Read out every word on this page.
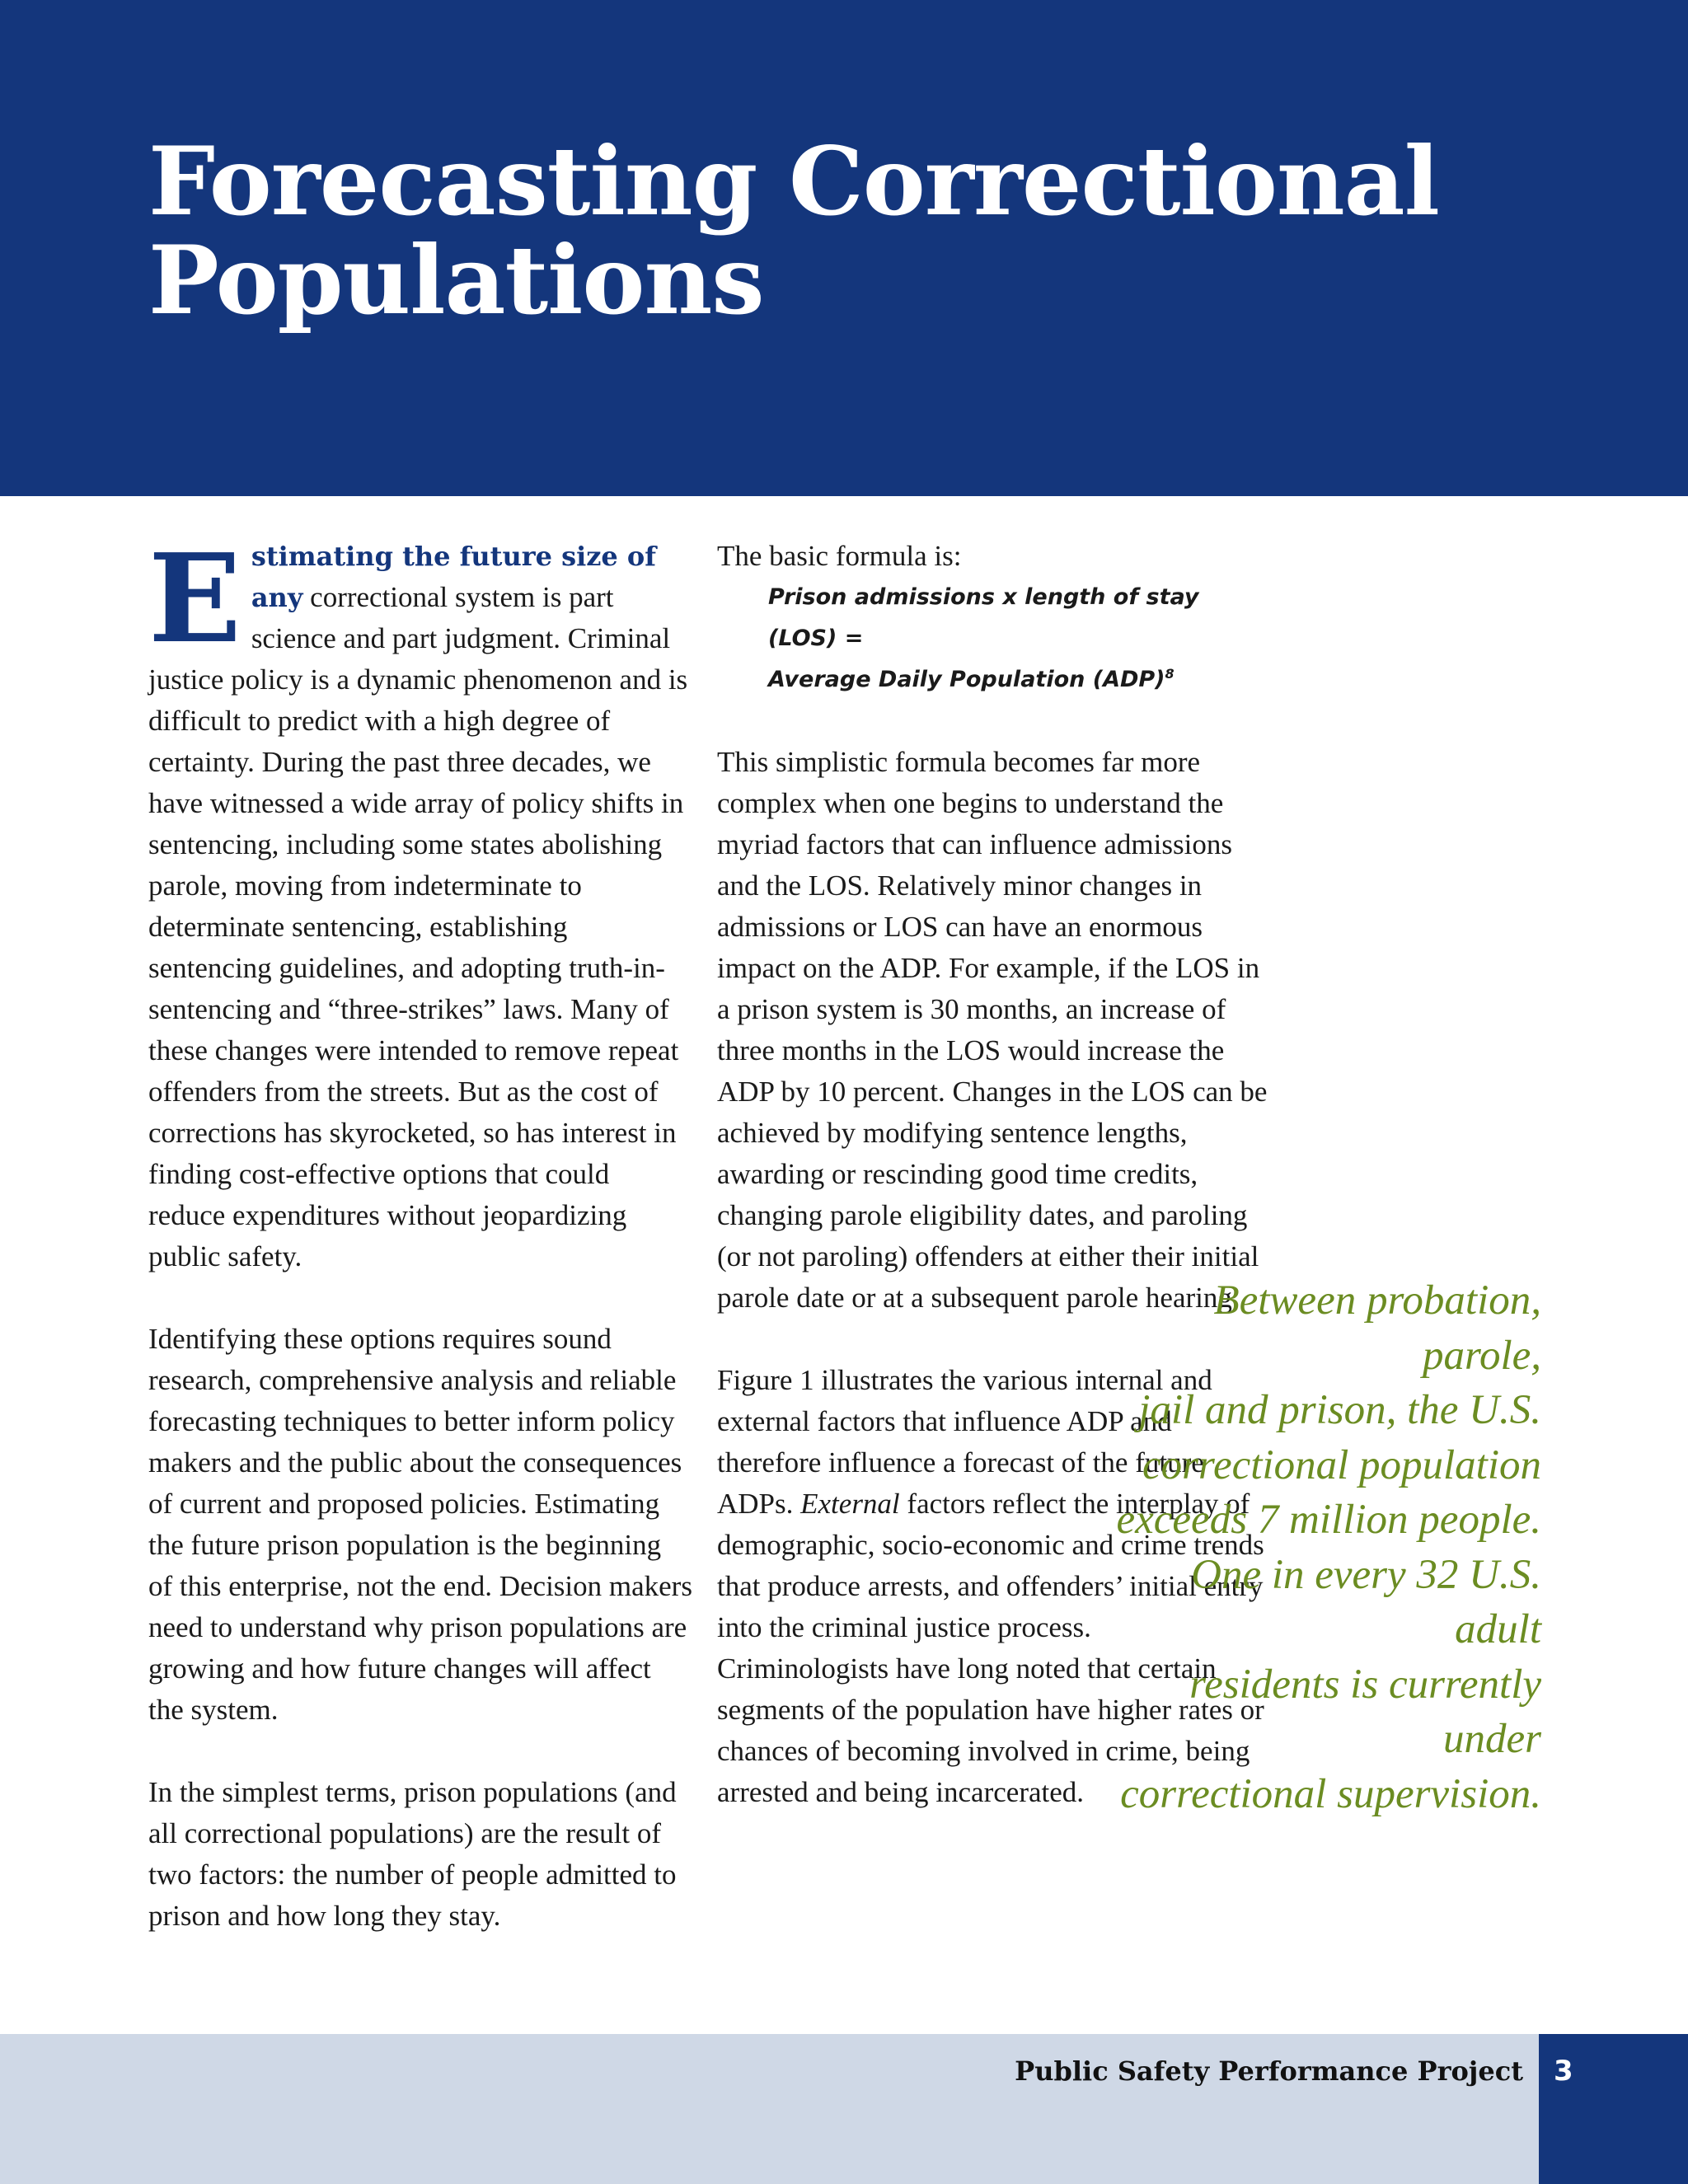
Forecasting Correctional
Populations

Estimating the future size of any correctional system is part science and part judgment. Criminal justice policy is a dynamic phenomenon and is difficult to predict with a high degree of certainty. During the past three decades, we have witnessed a wide array of policy shifts in sentencing, including some states abolishing parole, moving from indeterminate to determinate sentencing, establishing sentencing guidelines, and adopting truth-in-sentencing and “three-strikes” laws. Many of these changes were intended to remove repeat offenders from the streets. But as the cost of corrections has skyrocketed, so has interest in finding cost-effective options that could reduce expenditures without jeopardizing public safety.

Identifying these options requires sound research, comprehensive analysis and reliable forecasting techniques to better inform policy makers and the public about the consequences of current and proposed policies. Estimating the future prison population is the beginning of this enterprise, not the end. Decision makers need to understand why prison populations are growing and how future changes will affect the system.

In the simplest terms, prison populations (and all correctional populations) are the result of two factors: the number of people admitted to prison and how long they stay.

The basic formula is:

Prison admissions x length of stay (LOS) =
Average Daily Population (ADP)$^8$

This simplistic formula becomes far more complex when one begins to understand the myriad factors that can influence admissions and the LOS. Relatively minor changes in admissions or LOS can have an enormous impact on the ADP. For example, if the LOS in a prison system is 30 months, an increase of three months in the LOS would increase the ADP by 10 percent. Changes in the LOS can be achieved by modifying sentence lengths, awarding or rescinding good time credits, changing parole eligibility dates, and paroling (or not paroling) offenders at either their initial parole date or at a subsequent parole hearing.

Figure 1 illustrates the various internal and external factors that influence ADP and therefore influence a forecast of the future ADPs. External factors reflect the interplay of demographic, socio-economic and crime trends that produce arrests, and offenders’ initial entry into the criminal justice process. Criminologists have long noted that certain segments of the population have higher rates or chances of becoming involved in crime, being arrested and being incarcerated.

Between probation, parole,
jail and prison, the U.S.
correctional population
exceeds 7 million people.
One in every 32 U.S. adult
residents is currently under
correctional supervision.

Public Safety Performance Project 3
